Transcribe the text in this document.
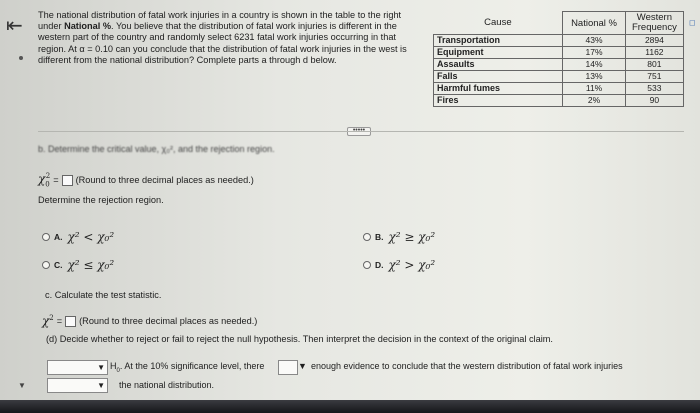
⇤
▼
◻
The national distribution of fatal work injuries in a country is shown in the table to the right
under National %. You believe that the distribution of fatal work injuries is different in the
western part of the country and randomly select 6231 fatal work injuries occurring in that
region. At α = 0.10 can you conclude that the distribution of fatal work injuries in the west is
different from the national distribution? Complete parts a through d below.
Cause	National %	Western
Frequency
Transportation	43%	2894
Equipment	17%	1162
Assaults	14%	801
Falls	13%	751
Harmful fumes	11%	533
Fires	2%	90
b. Determine the critical value, χ₀², and the rejection region.
$\chi_0^2$ = (Round to three decimal places as needed.)
Determine the rejection region.
A. χ² < χ₀²	B. χ² ≥ χ₀²
C. χ² ≤ χ₀²	D. χ² > χ₀²
c. Calculate the test statistic.
$\chi^2$ = (Round to three decimal places as needed.)
(d) Decide whether to reject or fail to reject the null hypothesis. Then interpret the decision in the context of the original claim.
▼ $H_0$. At the 10% significance level, there	▼ enough evidence to conclude that the western distribution of fatal work injuries
▼ the national distribution.
